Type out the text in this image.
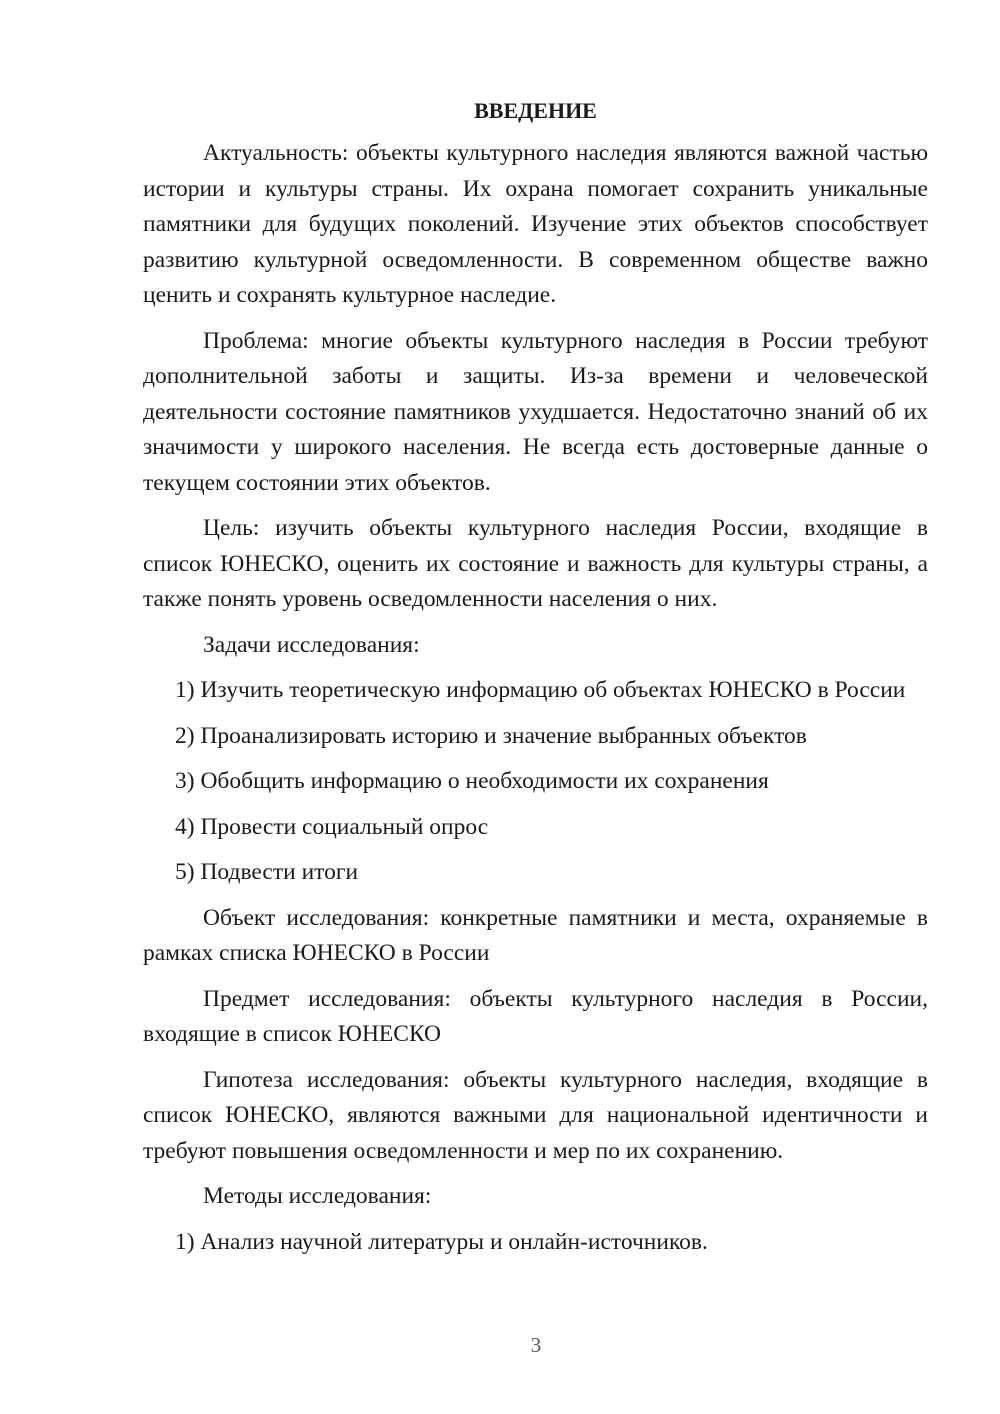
ВВЕДЕНИЕ
Актуальность: объекты культурного наследия являются важной частью истории и культуры страны. Их охрана помогает сохранить уникальные памятники для будущих поколений. Изучение этих объектов способствует развитию культурной осведомленности. В современном обществе важно ценить и сохранять культурное наследие.
Проблема: многие объекты культурного наследия в России требуют дополнительной заботы и защиты. Из-за времени и человеческой деятельности состояние памятников ухудшается. Недостаточно знаний об их значимости у широкого населения. Не всегда есть достоверные данные о текущем состоянии этих объектов.
Цель: изучить объекты культурного наследия России, входящие в список ЮНЕСКО, оценить их состояние и важность для культуры страны, а также понять уровень осведомленности населения о них.
Задачи исследования:
1) Изучить теоретическую информацию об объектах ЮНЕСКО в России
2) Проанализировать историю и значение выбранных объектов
3) Обобщить информацию о необходимости их сохранения
4) Провести социальный опрос
5) Подвести итоги
Объект исследования: конкретные памятники и места, охраняемые в рамках списка ЮНЕСКО в России
Предмет исследования: объекты культурного наследия в России, входящие в список ЮНЕСКО
Гипотеза исследования: объекты культурного наследия, входящие в список ЮНЕСКО, являются важными для национальной идентичности и требуют повышения осведомленности и мер по их сохранению.
Методы исследования:
1) Анализ научной литературы и онлайн-источников.
3
